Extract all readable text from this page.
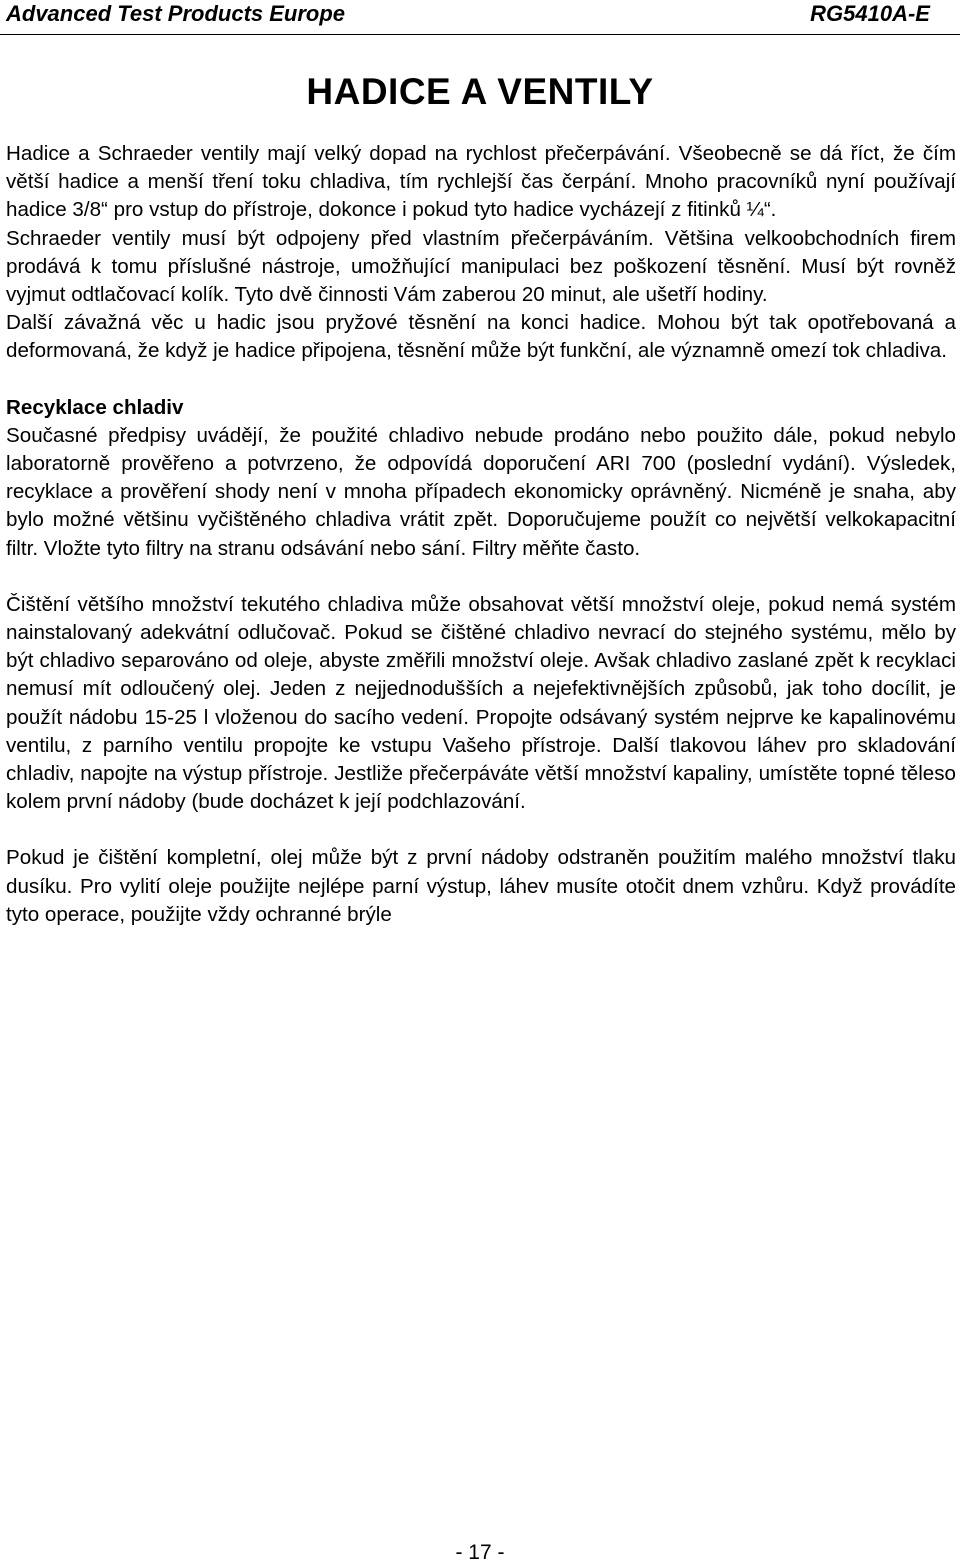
Advanced Test Products Europe	RG5410A-E
HADICE A VENTILY

Hadice a Schraeder ventily mají velký dopad na rychlost přečerpávání. Všeobecně se dá říct, že čím větší hadice a menší tření toku chladiva, tím rychlejší čas čerpání. Mnoho pracovníků nyní používají hadice 3/8“ pro vstup do přístroje, dokonce i pokud tyto hadice vycházejí z fitinků ¼“.

Schraeder ventily musí být odpojeny před vlastním přečerpáváním. Většina velkoobchodních firem prodává k tomu příslušné nástroje, umožňující manipulaci bez poškození těsnění. Musí být rovněž vyjmut odtlačovací kolík. Tyto dvě činnosti Vám zaberou 20 minut, ale ušetří hodiny.

Další závažná věc u hadic jsou pryžové těsnění na konci hadice. Mohou být tak opotřebovaná a deformovaná, že když je hadice připojena, těsnění může být funkční, ale významně omezí tok chladiva.

Recyklace chladiv

Současné předpisy uvádějí, že použité chladivo nebude prodáno nebo použito dále, pokud nebylo laboratorně prověřeno a potvrzeno, že odpovídá doporučení ARI 700 (poslední vydání). Výsledek, recyklace a prověření shody není v mnoha případech ekonomicky oprávněný. Nicméně je snaha, aby bylo možné většinu vyčištěného chladiva vrátit zpět. Doporučujeme použít co největší velkokapacitní filtr. Vložte tyto filtry na stranu odsávání nebo sání. Filtry měňte často.

Čištění většího množství tekutého chladiva může obsahovat větší množství oleje, pokud nemá systém nainstalovaný adekvátní odlučovač. Pokud se čištěné chladivo nevrací do stejného systému, mělo by být chladivo separováno od oleje, abyste změřili množství oleje. Avšak chladivo zaslané zpět k recyklaci nemusí mít odloučený olej. Jeden z nejjednodušších a nejefektivnějších způsobů, jak toho docílit, je použít nádobu 15-25 l vloženou do sacího vedení. Propojte odsávaný systém nejprve ke kapalinovému ventilu, z parního ventilu propojte ke vstupu Vašeho přístroje. Další tlakovou láhev pro skladování chladiv, napojte na výstup přístroje. Jestliže přečerpáváte větší množství kapaliny, umístěte topné těleso kolem první nádoby (bude docházet k její podchlazování.

Pokud je čištění kompletní, olej může být z první nádoby odstraněn použitím malého množství tlaku dusíku. Pro vylití oleje použijte nejlépe parní výstup, láhev musíte otočit dnem vzhůru. Když provádíte tyto operace, použijte vždy ochranné brýle

- 17 -
